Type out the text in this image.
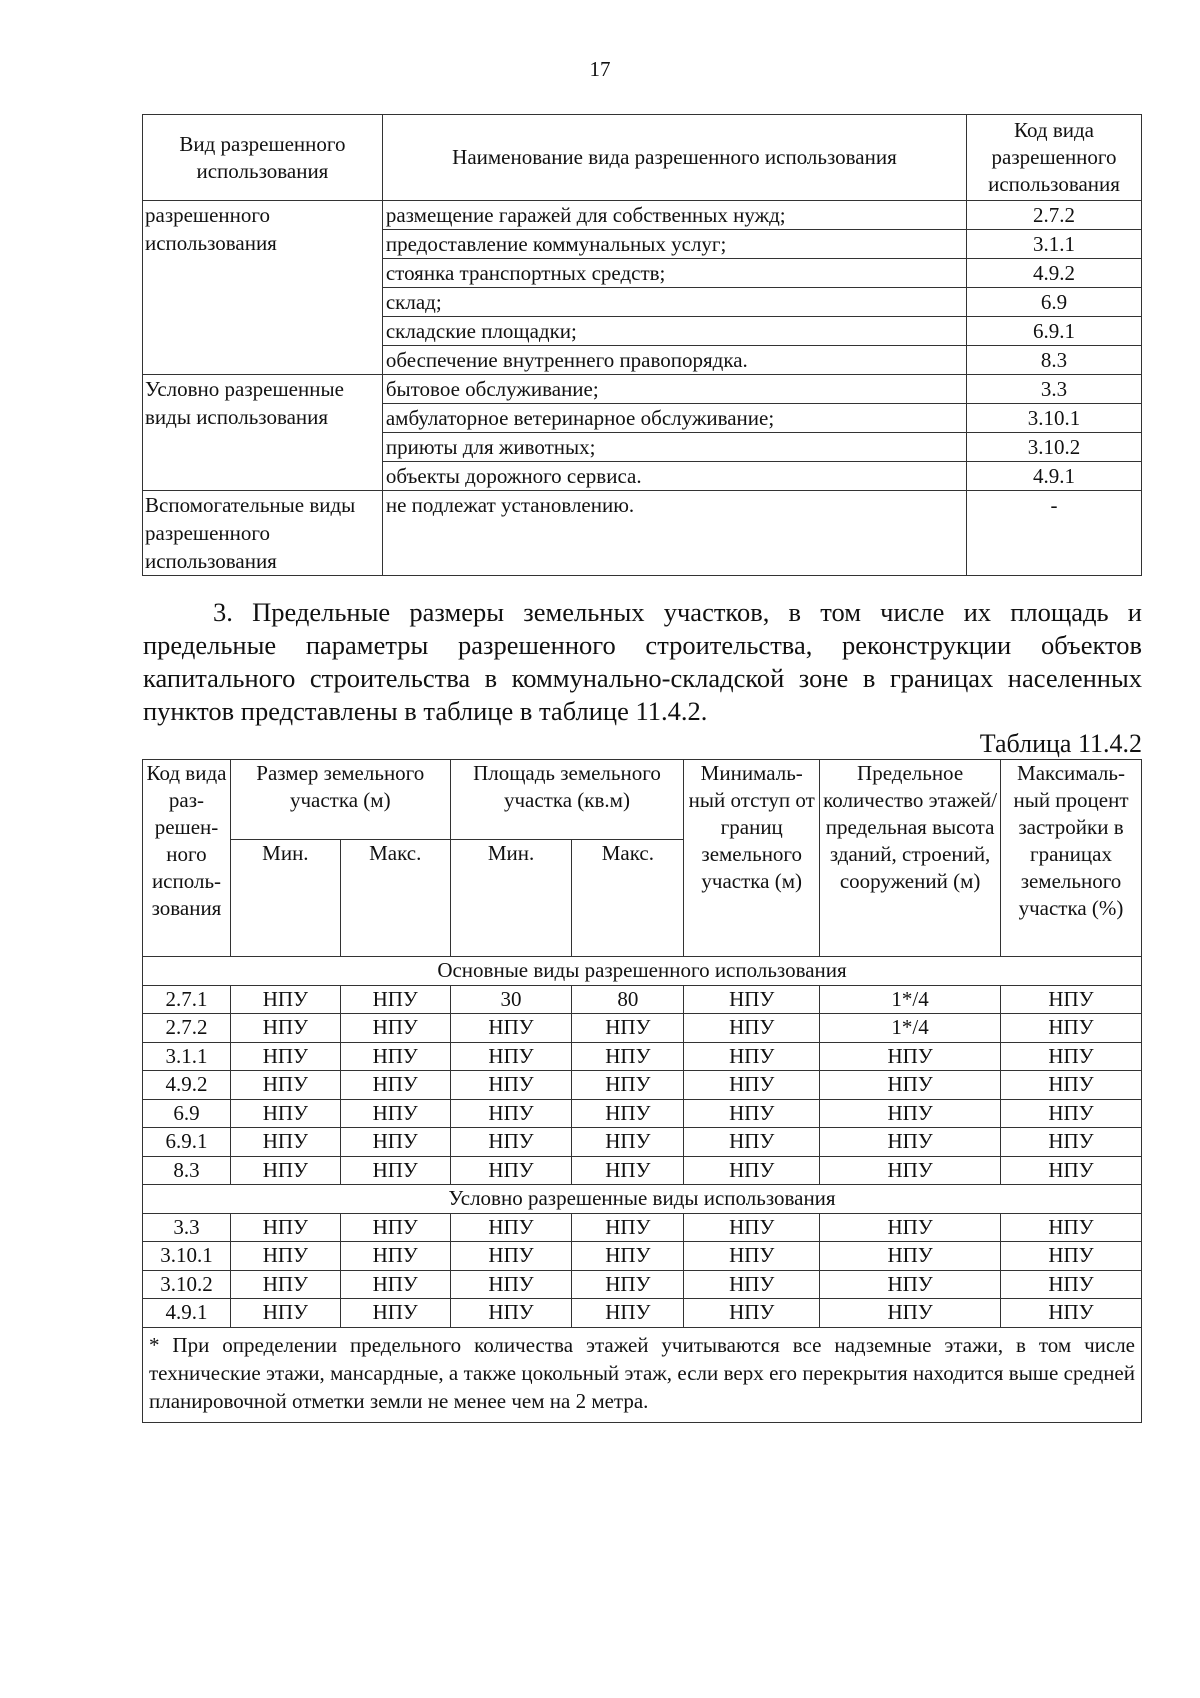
17
Вид разрешенного использования	Наименование вида разрешенного использования	Код вида разрешенного использования
разрешенного использования	размещение гаражей для собственных нужд;	2.7.2
	предоставление коммунальных услуг;	3.1.1
	стоянка транспортных средств;	4.9.2
	склад;	6.9
	складские площадки;	6.9.1
	обеспечение внутреннего правопорядка.	8.3
Условно разрешенные виды использования	бытовое обслуживание;	3.3
	амбулаторное ветеринарное обслуживание;	3.10.1
	приюты для животных;	3.10.2
	объекты дорожного сервиса.	4.9.1
Вспомогательные виды разрешенного использования	не подлежат установлению.	-

3. Предельные размеры земельных участков, в том числе их площадь и предельные параметры разрешенного строительства, реконструкции объектов капитального строительства в коммунально-складской зоне в границах населенных пунктов представлены в таблице в таблице 11.4.2.

Таблица 11.4.2
Код вида раз- решен- ного исполь- зования	Размер земельного участка (м)		Площадь земельного участка (кв.м)		Минималь- ный отступ от границ земельного участка (м)	Предельное количество этажей/ предельная высота зданий, строений, сооружений (м)	Максималь- ный процент застройки в границах земельного участка (%)
	Мин.	Макс.	Мин.	Макс.			
Основные виды разрешенного использования							
2.7.1	НПУ	НПУ	30	80	НПУ	1*/4	НПУ
2.7.2	НПУ	НПУ	НПУ	НПУ	НПУ	1*/4	НПУ
3.1.1	НПУ	НПУ	НПУ	НПУ	НПУ	НПУ	НПУ
4.9.2	НПУ	НПУ	НПУ	НПУ	НПУ	НПУ	НПУ
6.9	НПУ	НПУ	НПУ	НПУ	НПУ	НПУ	НПУ
6.9.1	НПУ	НПУ	НПУ	НПУ	НПУ	НПУ	НПУ
8.3	НПУ	НПУ	НПУ	НПУ	НПУ	НПУ	НПУ
Условно разрешенные виды использования							
3.3	НПУ	НПУ	НПУ	НПУ	НПУ	НПУ	НПУ
3.10.1	НПУ	НПУ	НПУ	НПУ	НПУ	НПУ	НПУ
3.10.2	НПУ	НПУ	НПУ	НПУ	НПУ	НПУ	НПУ
4.9.1	НПУ	НПУ	НПУ	НПУ	НПУ	НПУ	НПУ
* При определении предельного количества этажей учитываются все надземные этажи, в том числе технические этажи, мансардные, а также цокольный этаж, если верх его перекрытия находится выше средней планировочной отметки земли не менее чем на 2 метра.							
